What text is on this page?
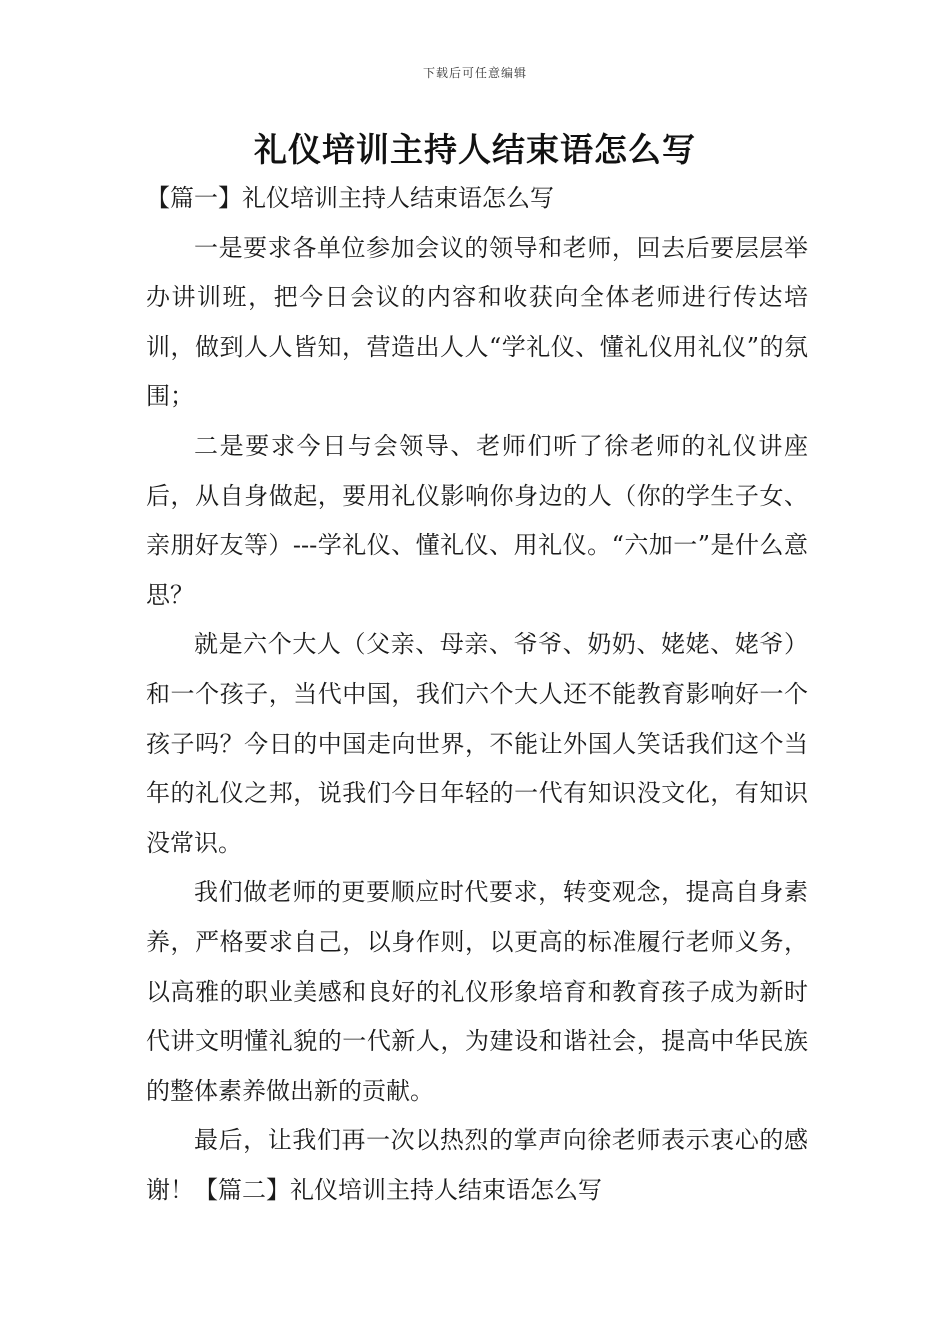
下载后可任意编辑
礼仪培训主持人结束语怎么写

【篇一】礼仪培训主持人结束语怎么写

一是要求各单位参加会议的领导和老师，回去后要层层举办讲训班，把今日会议的内容和收获向全体老师进行传达培训，做到人人皆知，营造出人人“学礼仪、懂礼仪用礼仪”的氛围；

二是要求今日与会领导、老师们听了徐老师的礼仪讲座后，从自身做起，要用礼仪影响你身边的人（你的学生子女、亲朋好友等）---学礼仪、懂礼仪、用礼仪。“六加一”是什么意思？

就是六个大人（父亲、母亲、爷爷、奶奶、姥姥、姥爷）和一个孩子，当代中国，我们六个大人还不能教育影响好一个孩子吗？今日的中国走向世界，不能让外国人笑话我们这个当年的礼仪之邦，说我们今日年轻的一代有知识没文化，有知识没常识。

我们做老师的更要顺应时代要求，转变观念，提高自身素养，严格要求自己，以身作则，以更高的标准履行老师义务，以高雅的职业美感和良好的礼仪形象培育和教育孩子成为新时代讲文明懂礼貌的一代新人，为建设和谐社会，提高中华民族的整体素养做出新的贡献。

最后，让我们再一次以热烈的掌声向徐老师表示衷心的感谢！【篇二】礼仪培训主持人结束语怎么写
